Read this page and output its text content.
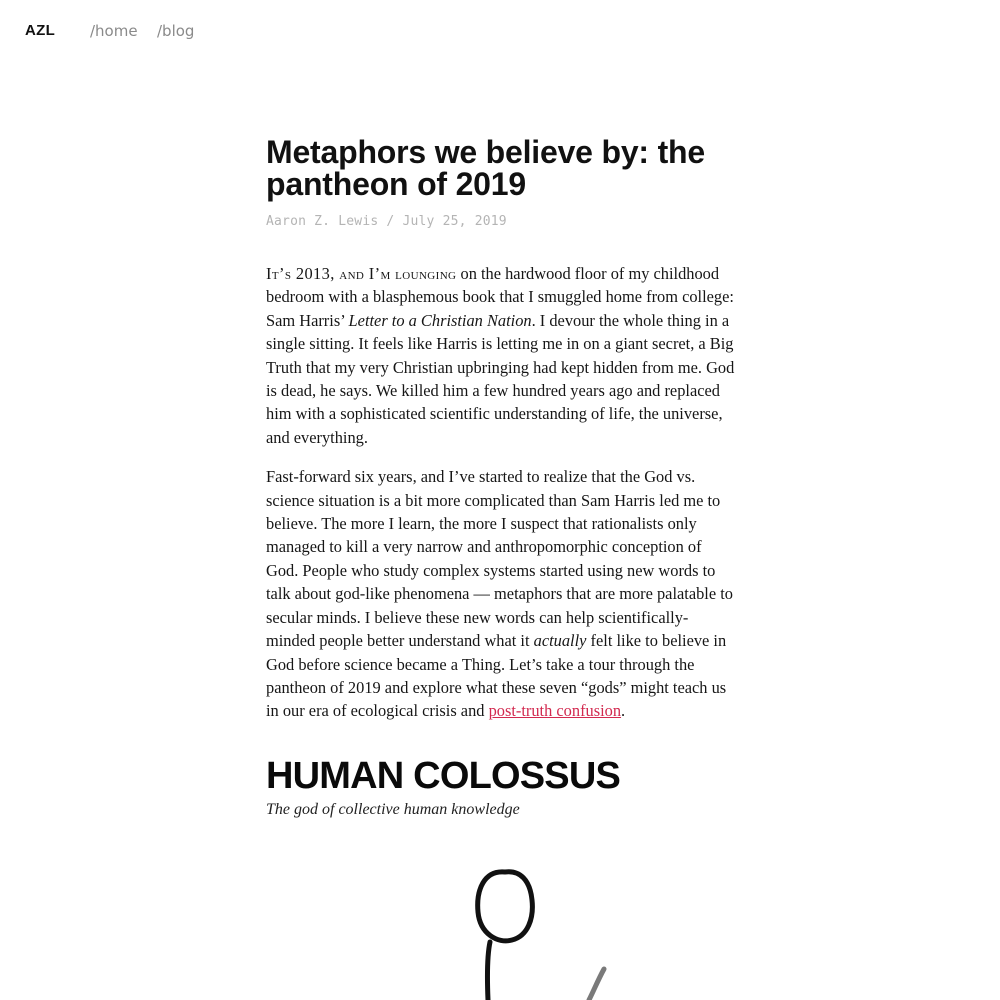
AZL /home /blog
Metaphors we believe by: the pantheon of 2019
Aaron Z. Lewis / July 25, 2019

It’s 2013, and I’m lounging on the hardwood floor of my childhood bedroom with a blasphemous book that I smuggled home from college: Sam Harris’ Letter to a Christian Nation. I devour the whole thing in a single sitting. It feels like Harris is letting me in on a giant secret, a Big Truth that my very Christian upbringing had kept hidden from me. God is dead, he says. We killed him a few hundred years ago and replaced him with a sophisticated scientific understanding of life, the universe, and everything.

Fast-forward six years, and I’ve started to realize that the God vs. science situation is a bit more complicated than Sam Harris led me to believe. The more I learn, the more I suspect that rationalists only managed to kill a very narrow and anthropomorphic conception of God. People who study complex systems started using new words to talk about god-like phenomena — metaphors that are more palatable to secular minds. I believe these new words can help scientifically-minded people better understand what it actually felt like to believe in God before science became a Thing. Let’s take a tour through the pantheon of 2019 and explore what these seven “gods” might teach us in our era of ecological crisis and post-truth confusion.

HUMAN COLOSSUS
The god of collective human knowledge
